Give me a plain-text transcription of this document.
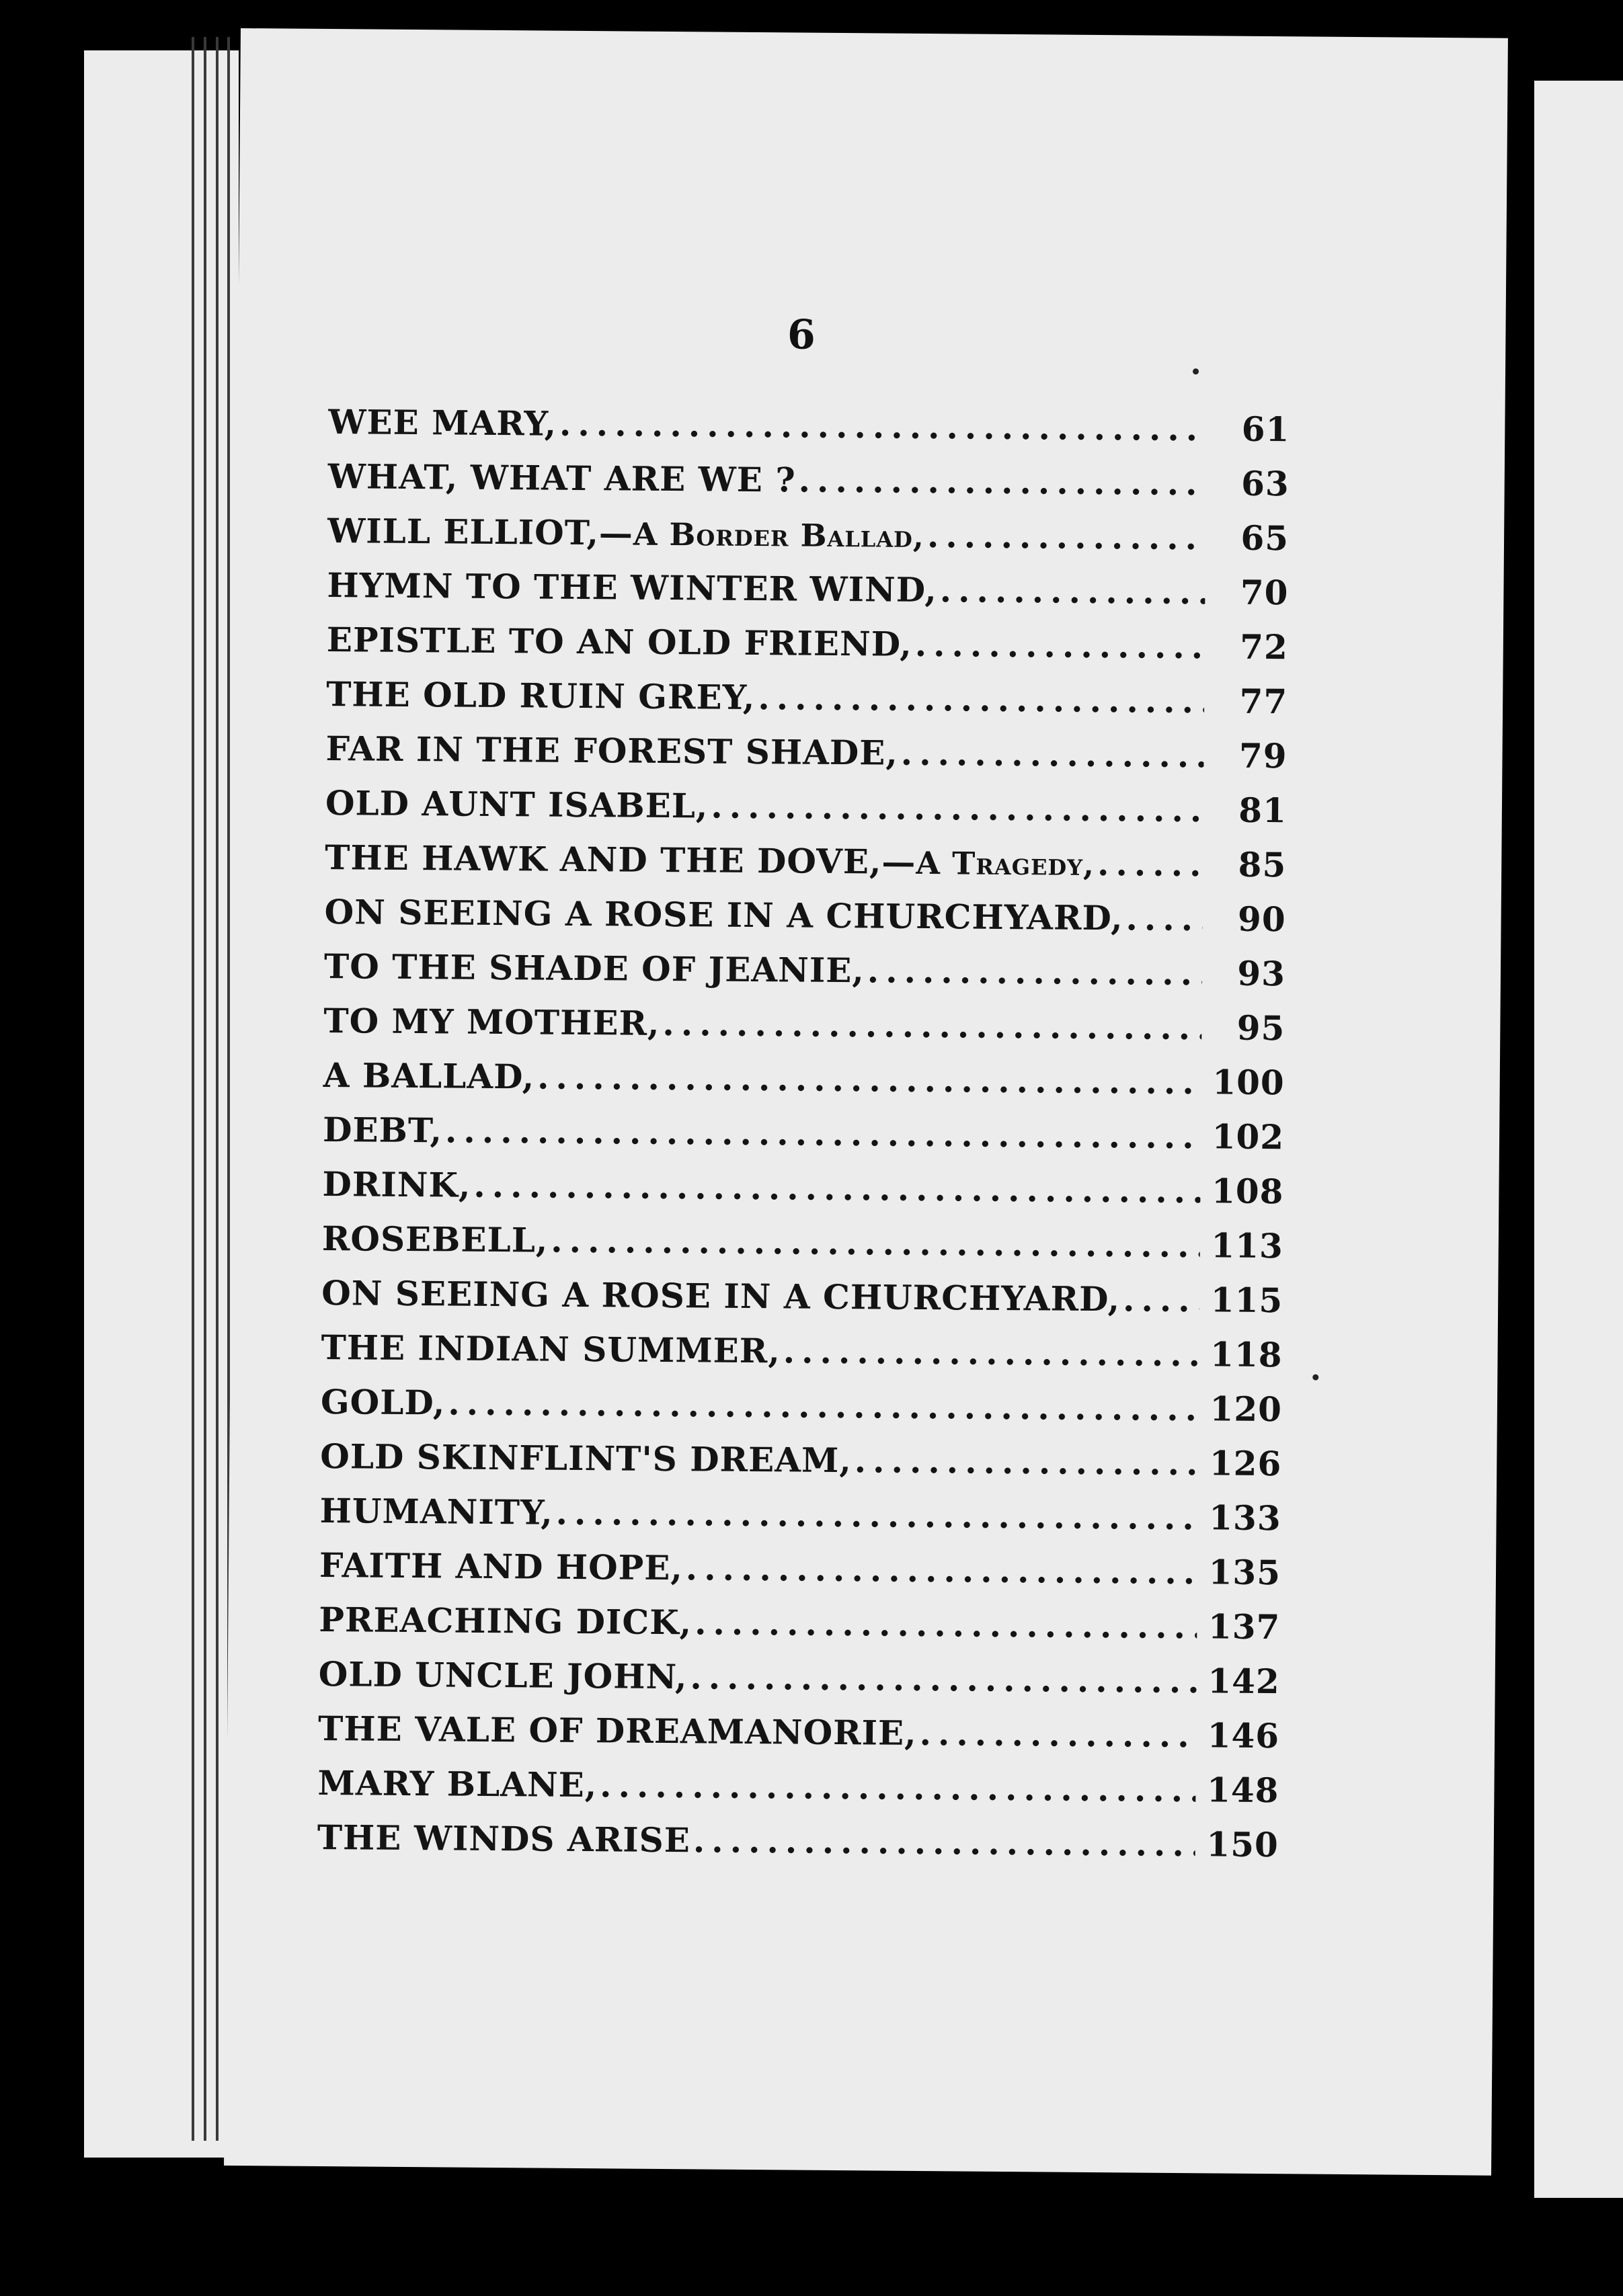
6
WEE MARY, .....	61
WHAT, WHAT ARE WE ? .....	63
WILL ELLIOT,— A Border Ballad, .....	65
HYMN TO THE WINTER WIND, .....	70
EPISTLE TO AN OLD FRIEND, .....	72
THE OLD RUIN GREY, .....	77
FAR IN THE FOREST SHADE, .....	79
OLD AUNT ISABEL, .....	81
THE HAWK AND THE DOVE,— A Tragedy, .....	85
ON SEEING A ROSE IN A CHURCHYARD, .....	90
TO THE SHADE OF JEANIE, .....	93
TO MY MOTHER, .....	95
A BALLAD, .....	100
DEBT, .....	102
DRINK, .....	108
ROSEBELL, .....	113
ON SEEING A ROSE IN A CHURCHYARD, .....	115
THE INDIAN SUMMER, .....	118
GOLD, .....	120
OLD SKINFLINT'S DREAM, .....	126
HUMANITY, .....	133
FAITH AND HOPE, .....	135
PREACHING DICK, .....	137
OLD UNCLE JOHN, .....	142
THE VALE OF DREAMANORIE, .....	146
MARY BLANE, .....	148
THE WINDS ARISE .....	150
